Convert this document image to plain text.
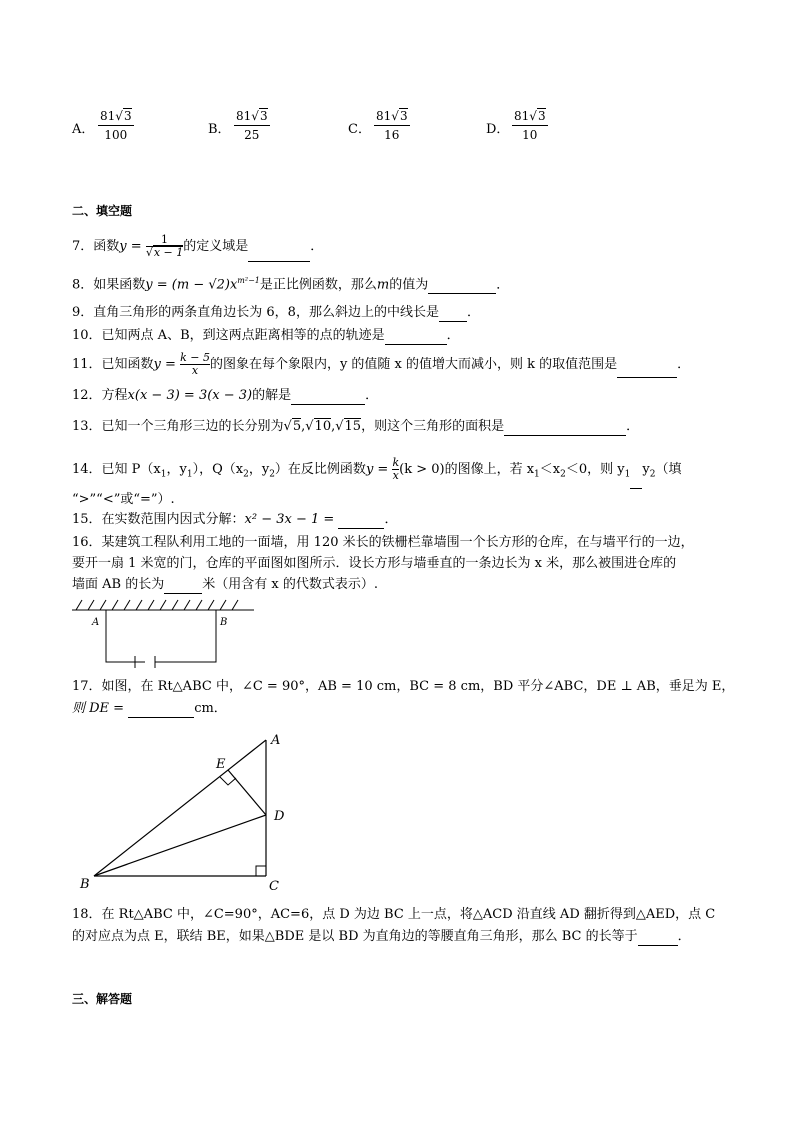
A．
81√3
100	B．
81√3
25	C．
81√3
16	D．
81√3
10
二、填空题
7．函数y = 1
√x − 1的定义域是	．
8．如果函数$y = (m - √2)x^{m^2-1}$是正比例函数，那么m的值为	．
9．直角三角形的两条直角边长为 6，8，那么斜边上的中线长是 ．
10．已知两点 A、B，到这两点距离相等的点的轨迹是	．
11．已知函数$y = \frac{k - 5}{x}$的图象在每个象限内，y 的值随 x 的值增大而减小，则 k 的取值范围是	．
12．方程x(x − 3) = 3(x − 3)的解是	．
13．已知一个三角形三边的长分别为√5,√10,√15，则这个三角形的面积是	．
14．已知 $P(x_1$，$y_1$），$Q(x_2$，$y_2$）在反比例函数$y = \frac{k}{x}(k > 0)$的图像上，若 $x_1<x_2<0$，则 $y_1$ $y_2$（填
“>”“<”或“=”）.
15．在实数范围内因式分解：x² − 3x − 1 =	．
16．某建筑工程队利用工地的一面墙，用 120 米长的铁栅栏靠墙围一个长方形的仓库，在与墙平行的一边，
要开一扇 1 米宽的门，仓库的平面图如图所示．设长方形与墙垂直的一条边长为 x 米，那么被围进仓库的
墙面 AB 的长为	米（用含有 x 的代数式表示）.
A	B
17．如图，在 Rt△ABC 中，∠C = 90°，AB = 10 cm，BC = 8 cm，BD 平分∠ABC，DE ⊥ AB，垂足为 E，
则 DE =	cm．
A
B	C
D
E
18．在 Rt△ABC 中，∠C=90°，AC=6，点 D 为边 BC 上一点，将△ACD 沿直线 AD 翻折得到△AED，点 C
的对应点为点 E，联结 BE，如果△BDE 是以 BD 为直角边的等腰直角三角形，那么 BC 的长等于	．
三、解答题
